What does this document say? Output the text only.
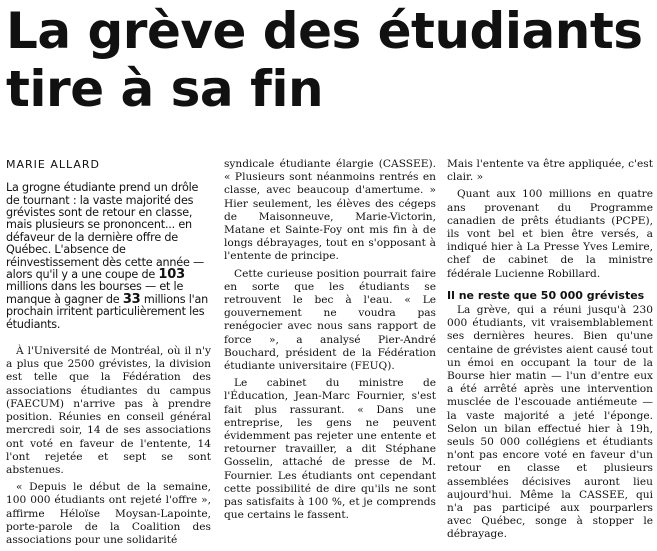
La grève des étudiants
tire à sa fin
MARIE ALLARD
La grogne étudiante prend un drôle de tournant : la vaste majorité des grévistes sont de retour en classe, mais plusieurs se prononcent... en défaveur de la dernière offre de Québec. L'absence de réinvestissement dès cette année — alors qu'il y a une coupe de 103 millions dans les bourses — et le manque à gagner de 33 millions l'an prochain irritent particulièrement les étudiants.

À l'Université de Montréal, où il n'y a plus que 2500 grévistes, la division est telle que la Fédération des associations étudiantes du campus (FAECUM) n'arrive pas à prendre position. Réunies en conseil général mercredi soir, 14 de ses associations ont voté en faveur de l'entente, 14 l'ont rejetée et sept se sont abstenues.

« Depuis le début de la semaine, 100 000 étudiants ont rejeté l'offre », affirme Héloïse Moysan-Lapointe, porte-parole de la Coalition des associations pour une solidarité

syndicale étudiante élargie (CASSEE). « Plusieurs sont néanmoins rentrés en classe, avec beaucoup d'amertume. » Hier seulement, les élèves des cégeps de Maisonneuve, Marie-Victorin, Matane et Sainte-Foy ont mis fin à de longs débrayages, tout en s'opposant à l'entente de principe.

Cette curieuse position pourrait faire en sorte que les étudiants se retrouvent le bec à l'eau. « Le gouvernement ne voudra pas renégocier avec nous sans rapport de force », a analysé Pier-André Bouchard, président de la Fédération étudiante universitaire (FEUQ).

Le cabinet du ministre de l'Éducation, Jean-Marc Fournier, s'est fait plus rassurant. « Dans une entreprise, les gens ne peuvent évidemment pas rejeter une entente et retourner travailler, a dit Stéphane Gosselin, attaché de presse de M. Fournier. Les étudiants ont cependant cette possibilité de dire qu'ils ne sont pas satisfaits à 100 %, et je comprends que certains le fassent.

Mais l'entente va être appliquée, c'est clair. »

Quant aux 100 millions en quatre ans provenant du Programme canadien de prêts étudiants (PCPE), ils vont bel et bien être versés, a indiqué hier à La Presse Yves Lemire, chef de cabinet de la ministre fédérale Lucienne Robillard.

Il ne reste que 50 000 grévistes

La grève, qui a réuni jusqu'à 230 000 étudiants, vit vraisemblablement ses dernières heures. Bien qu'une centaine de grévistes aient causé tout un émoi en occupant la tour de la Bourse hier matin — l'un d'entre eux a été arrêté après une intervention musclée de l'escouade antiémeute — la vaste majorité a jeté l'éponge. Selon un bilan effectué hier à 19h, seuls 50 000 collégiens et étudiants n'ont pas encore voté en faveur d'un retour en classe et plusieurs assemblées décisives auront lieu aujourd'hui. Même la CASSEE, qui n'a pas participé aux pourparlers avec Québec, songe à stopper le débrayage.
